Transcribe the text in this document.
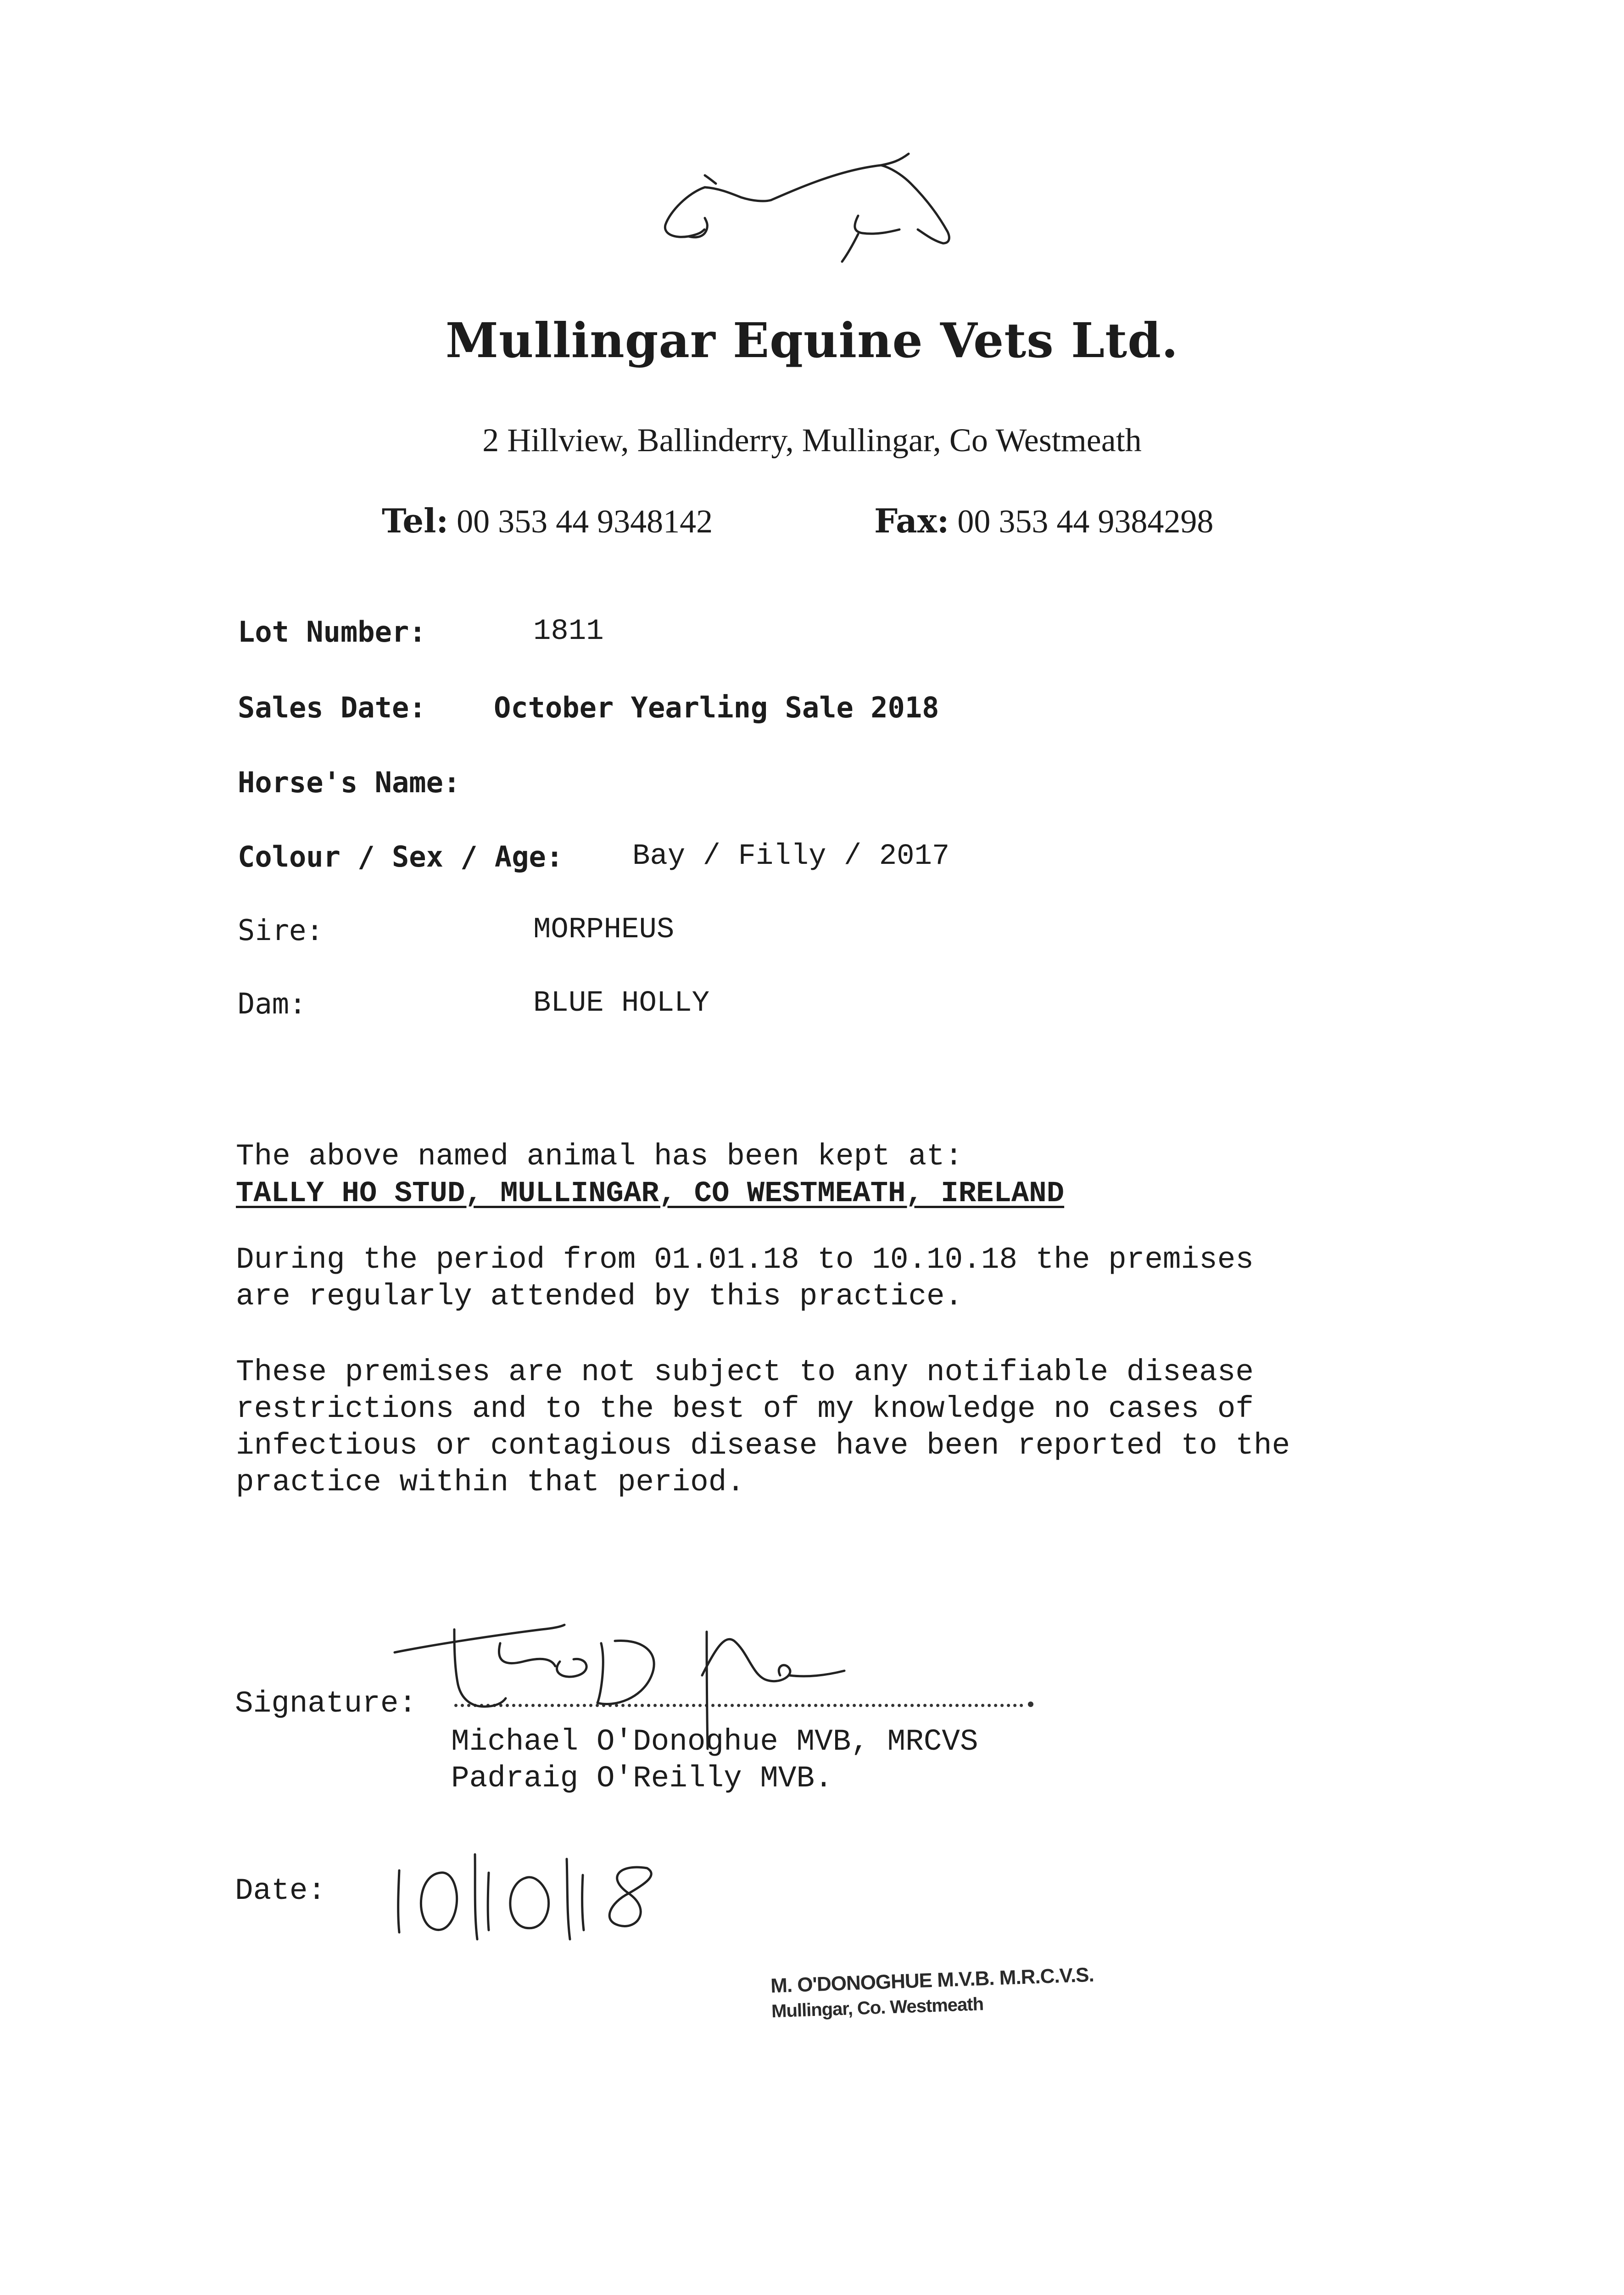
Mullingar Equine Vets Ltd.
2 Hillview, Ballinderry, Mullingar, Co Westmeath
Tel: 00 353 44 9348142	Fax: 00 353 44 9384298
Lot Number:	1811
Sales Date: October Yearling Sale 2018
Horse's Name:
Colour / Sex / Age: Bay / Filly / 2017
Sire:	MORPHEUS
Dam:	BLUE HOLLY
The above named animal has been kept at:
TALLY HO STUD, MULLINGAR, CO WESTMEATH, IRELAND
During the period from 01.01.18 to 10.10.18 the premises
are regularly attended by this practice.
These premises are not subject to any notifiable disease
restrictions and to the best of my knowledge no cases of
infectious or contagious disease have been reported to the
practice within that period.
Signature:
Michael O'Donoghue MVB, MRCVS
Padraig O'Reilly MVB.
Date:
M. O'DONOGHUE M.V.B. M.R.C.V.S.
Mullingar, Co. Westmeath
